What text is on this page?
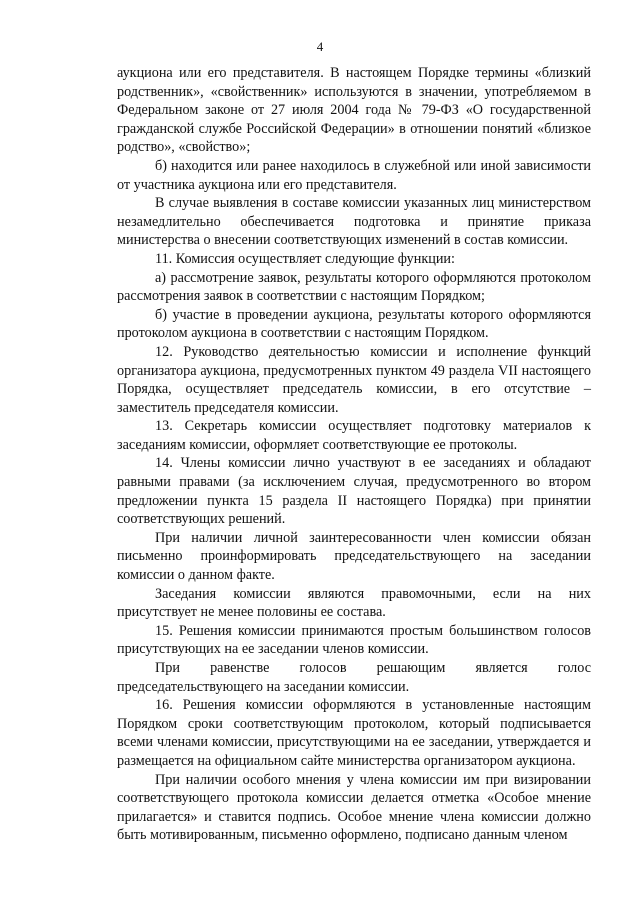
4

аукциона или его представителя. В настоящем Порядке термины «близкий родственник», «свойственник» используются в значении, употребляемом в Федеральном законе от 27 июля 2004 года № 79-ФЗ «О государственной гражданской службе Российской Федерации» в отношении понятий «близкое родство», «свойство»;

б) находится или ранее находилось в служебной или иной зависимости от участника аукциона или его представителя.

В случае выявления в составе комиссии указанных лиц министерством незамедлительно обеспечивается подготовка и принятие приказа министерства о внесении соответствующих изменений в состав комиссии.

11. Комиссия осуществляет следующие функции:

а) рассмотрение заявок, результаты которого оформляются протоколом рассмотрения заявок в соответствии с настоящим Порядком;

б) участие в проведении аукциона, результаты которого оформляются протоколом аукциона в соответствии с настоящим Порядком.

12. Руководство деятельностью комиссии и исполнение функций организатора аукциона, предусмотренных пунктом 49 раздела VII настоящего Порядка, осуществляет председатель комиссии, в его отсутствие – заместитель председателя комиссии.

13. Секретарь комиссии осуществляет подготовку материалов к заседаниям комиссии, оформляет соответствующие ее протоколы.

14. Члены комиссии лично участвуют в ее заседаниях и обладают равными правами (за исключением случая, предусмотренного во втором предложении пункта 15 раздела II настоящего Порядка) при принятии соответствующих решений.

При наличии личной заинтересованности член комиссии обязан письменно проинформировать председательствующего на заседании комиссии о данном факте.

Заседания комиссии являются правомочными, если на них присутствует не менее половины ее состава.

15. Решения комиссии принимаются простым большинством голосов присутствующих на ее заседании членов комиссии.

При равенстве голосов решающим является голос председательствующего на заседании комиссии.

16. Решения комиссии оформляются в установленные настоящим Порядком сроки соответствующим протоколом, который подписывается всеми членами комиссии, присутствующими на ее заседании, утверждается и размещается на официальном сайте министерства организатором аукциона.

При наличии особого мнения у члена комиссии им при визировании соответствующего протокола комиссии делается отметка «Особое мнение прилагается» и ставится подпись. Особое мнение члена комиссии должно быть мотивированным, письменно оформлено, подписано данным членом
